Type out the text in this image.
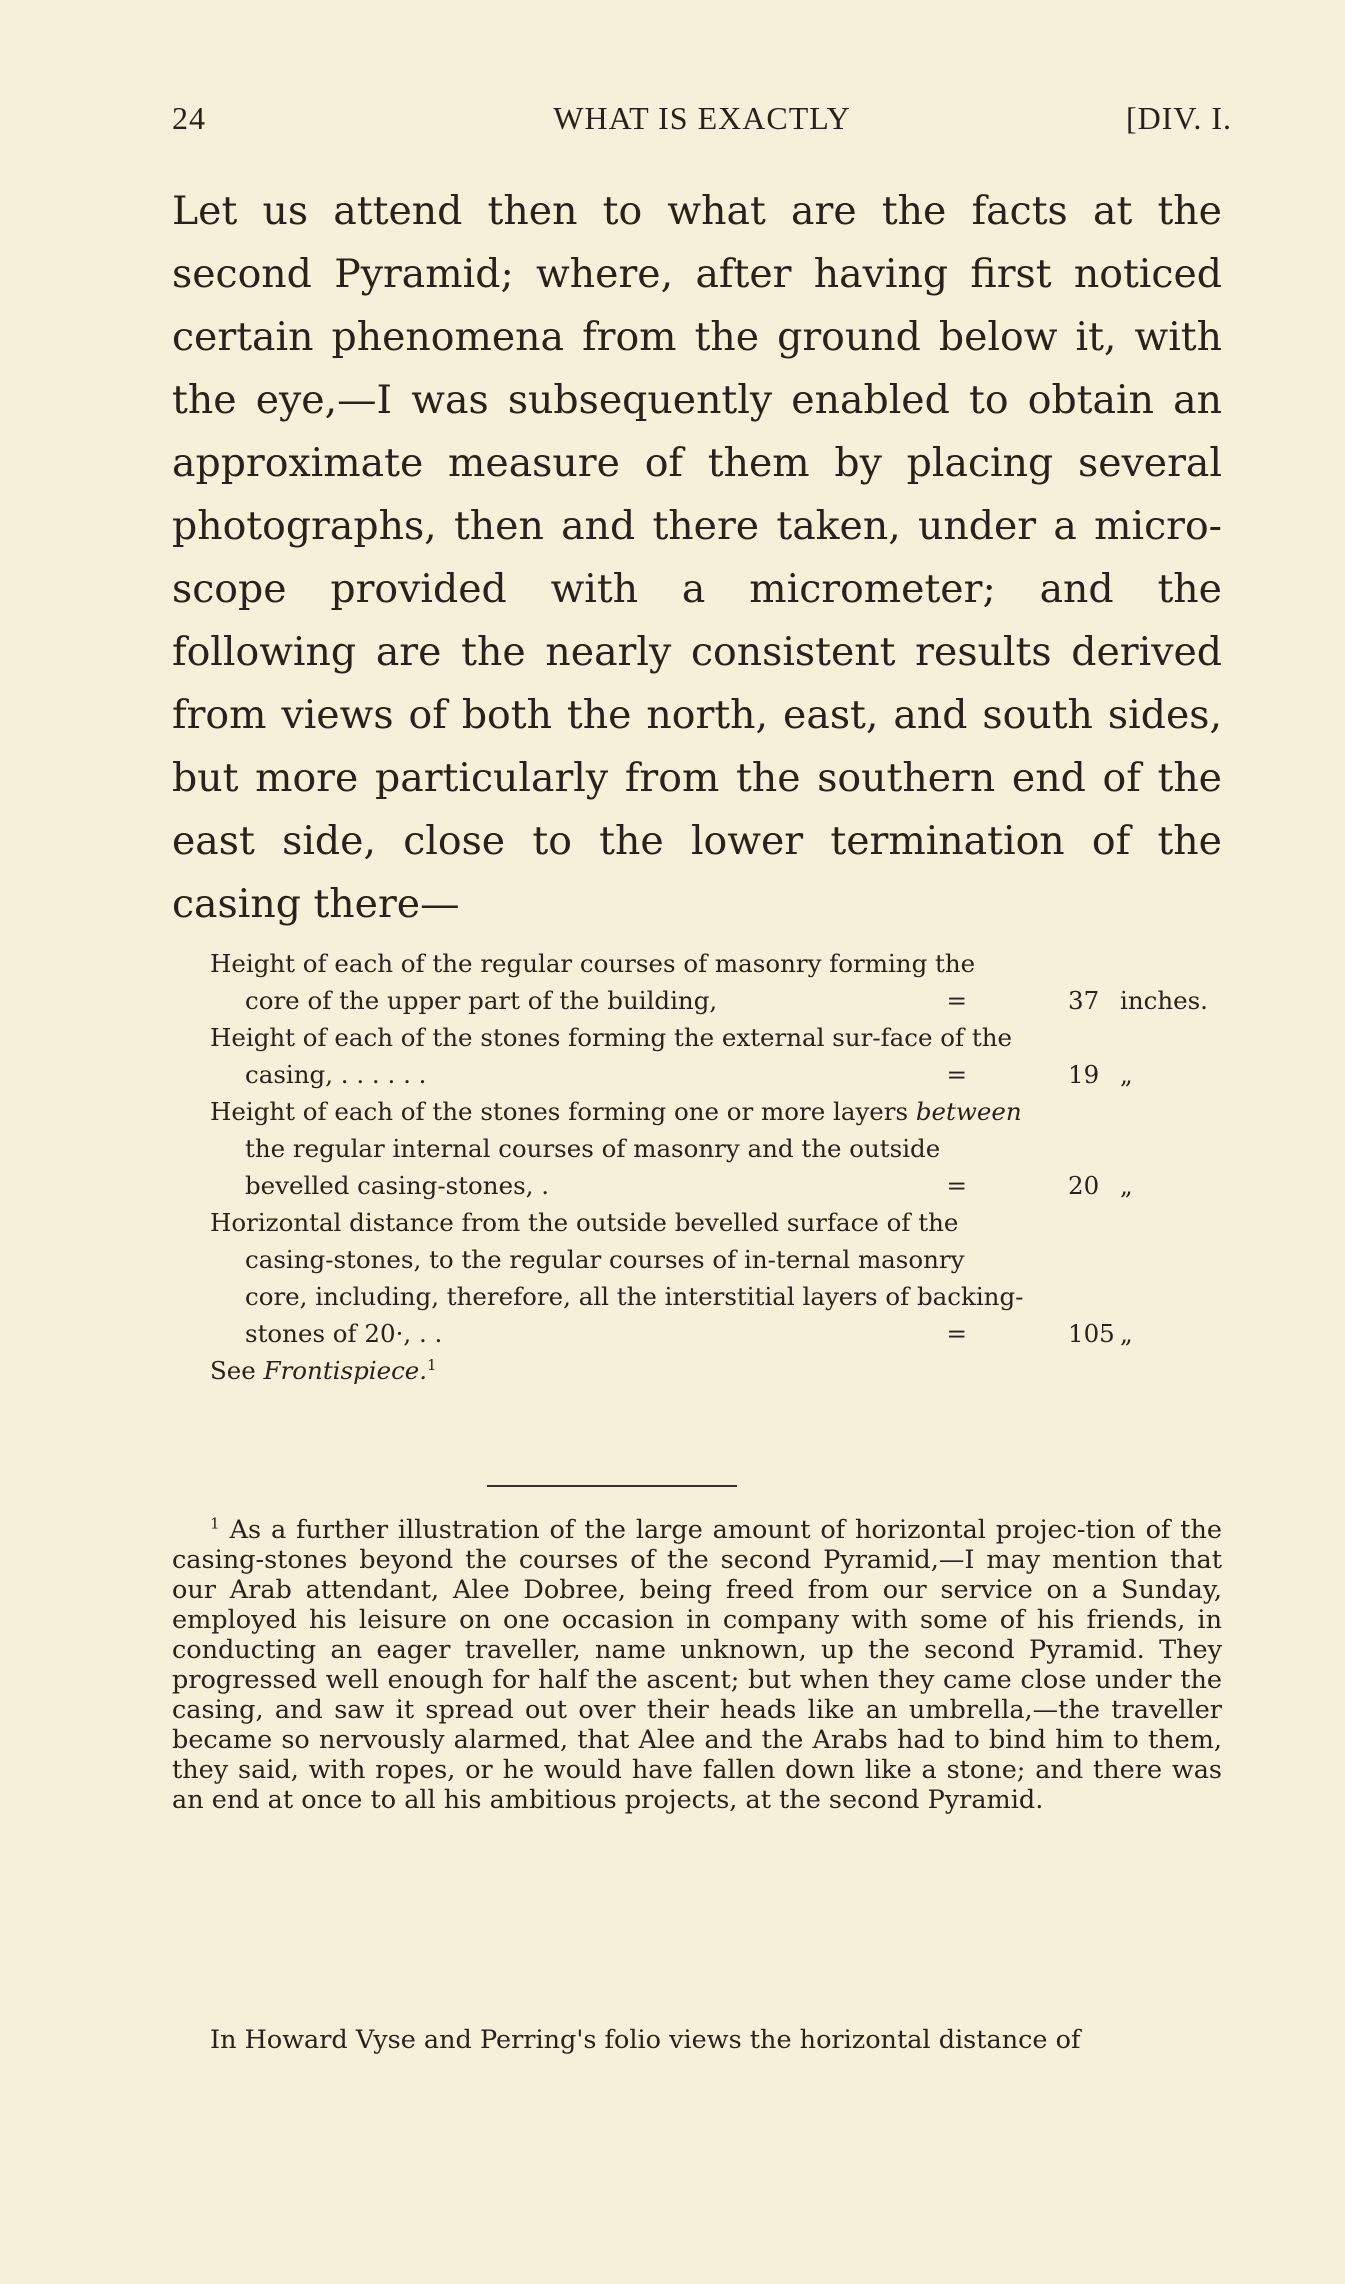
24	WHAT IS EXACTLY	[DIV. I.

Let us attend then to what are the facts at the second Pyramid; where, after having first noticed certain phenomena from the ground below it, with the eye,—I was subsequently enabled to obtain an approximate measure of them by placing several photographs, then and there taken, under a micro-scope provided with a micrometer; and the following are the nearly consistent results derived from views of both the north, east, and south sides, but more particularly from the southern end of the east side, close to the lower termination of the casing there—

Height of each of the regular courses of masonry forming the core of the upper part of the building,	=	37 inches.
Height of each of the stones forming the external sur-face of the casing, . . . . . .	=	19 „
Height of each of the stones forming one or more layers between the regular internal courses of masonry and the outside bevelled casing-stones, .	=	20 „
Horizontal distance from the outside bevelled surface of the casing-stones, to the regular courses of in-ternal masonry core, including, therefore, all the interstitial layers of backing-stones of 20·, . .	=	105 „

See Frontispiece.$^1$

$^1$ As a further illustration of the large amount of horizontal projec-tion of the casing-stones beyond the courses of the second Pyramid,—I may mention that our Arab attendant, Alee Dobree, being freed from our service on a Sunday, employed his leisure on one occasion in company with some of his friends, in conducting an eager traveller, name unknown, up the second Pyramid. They progressed well enough for half the ascent; but when they came close under the casing, and saw it spread out over their heads like an umbrella,—the traveller became so nervously alarmed, that Alee and the Arabs had to bind him to them, they said, with ropes, or he would have fallen down like a stone; and there was an end at once to all his ambitious projects, at the second Pyramid.

In Howard Vyse and Perring's folio views the horizontal distance of
